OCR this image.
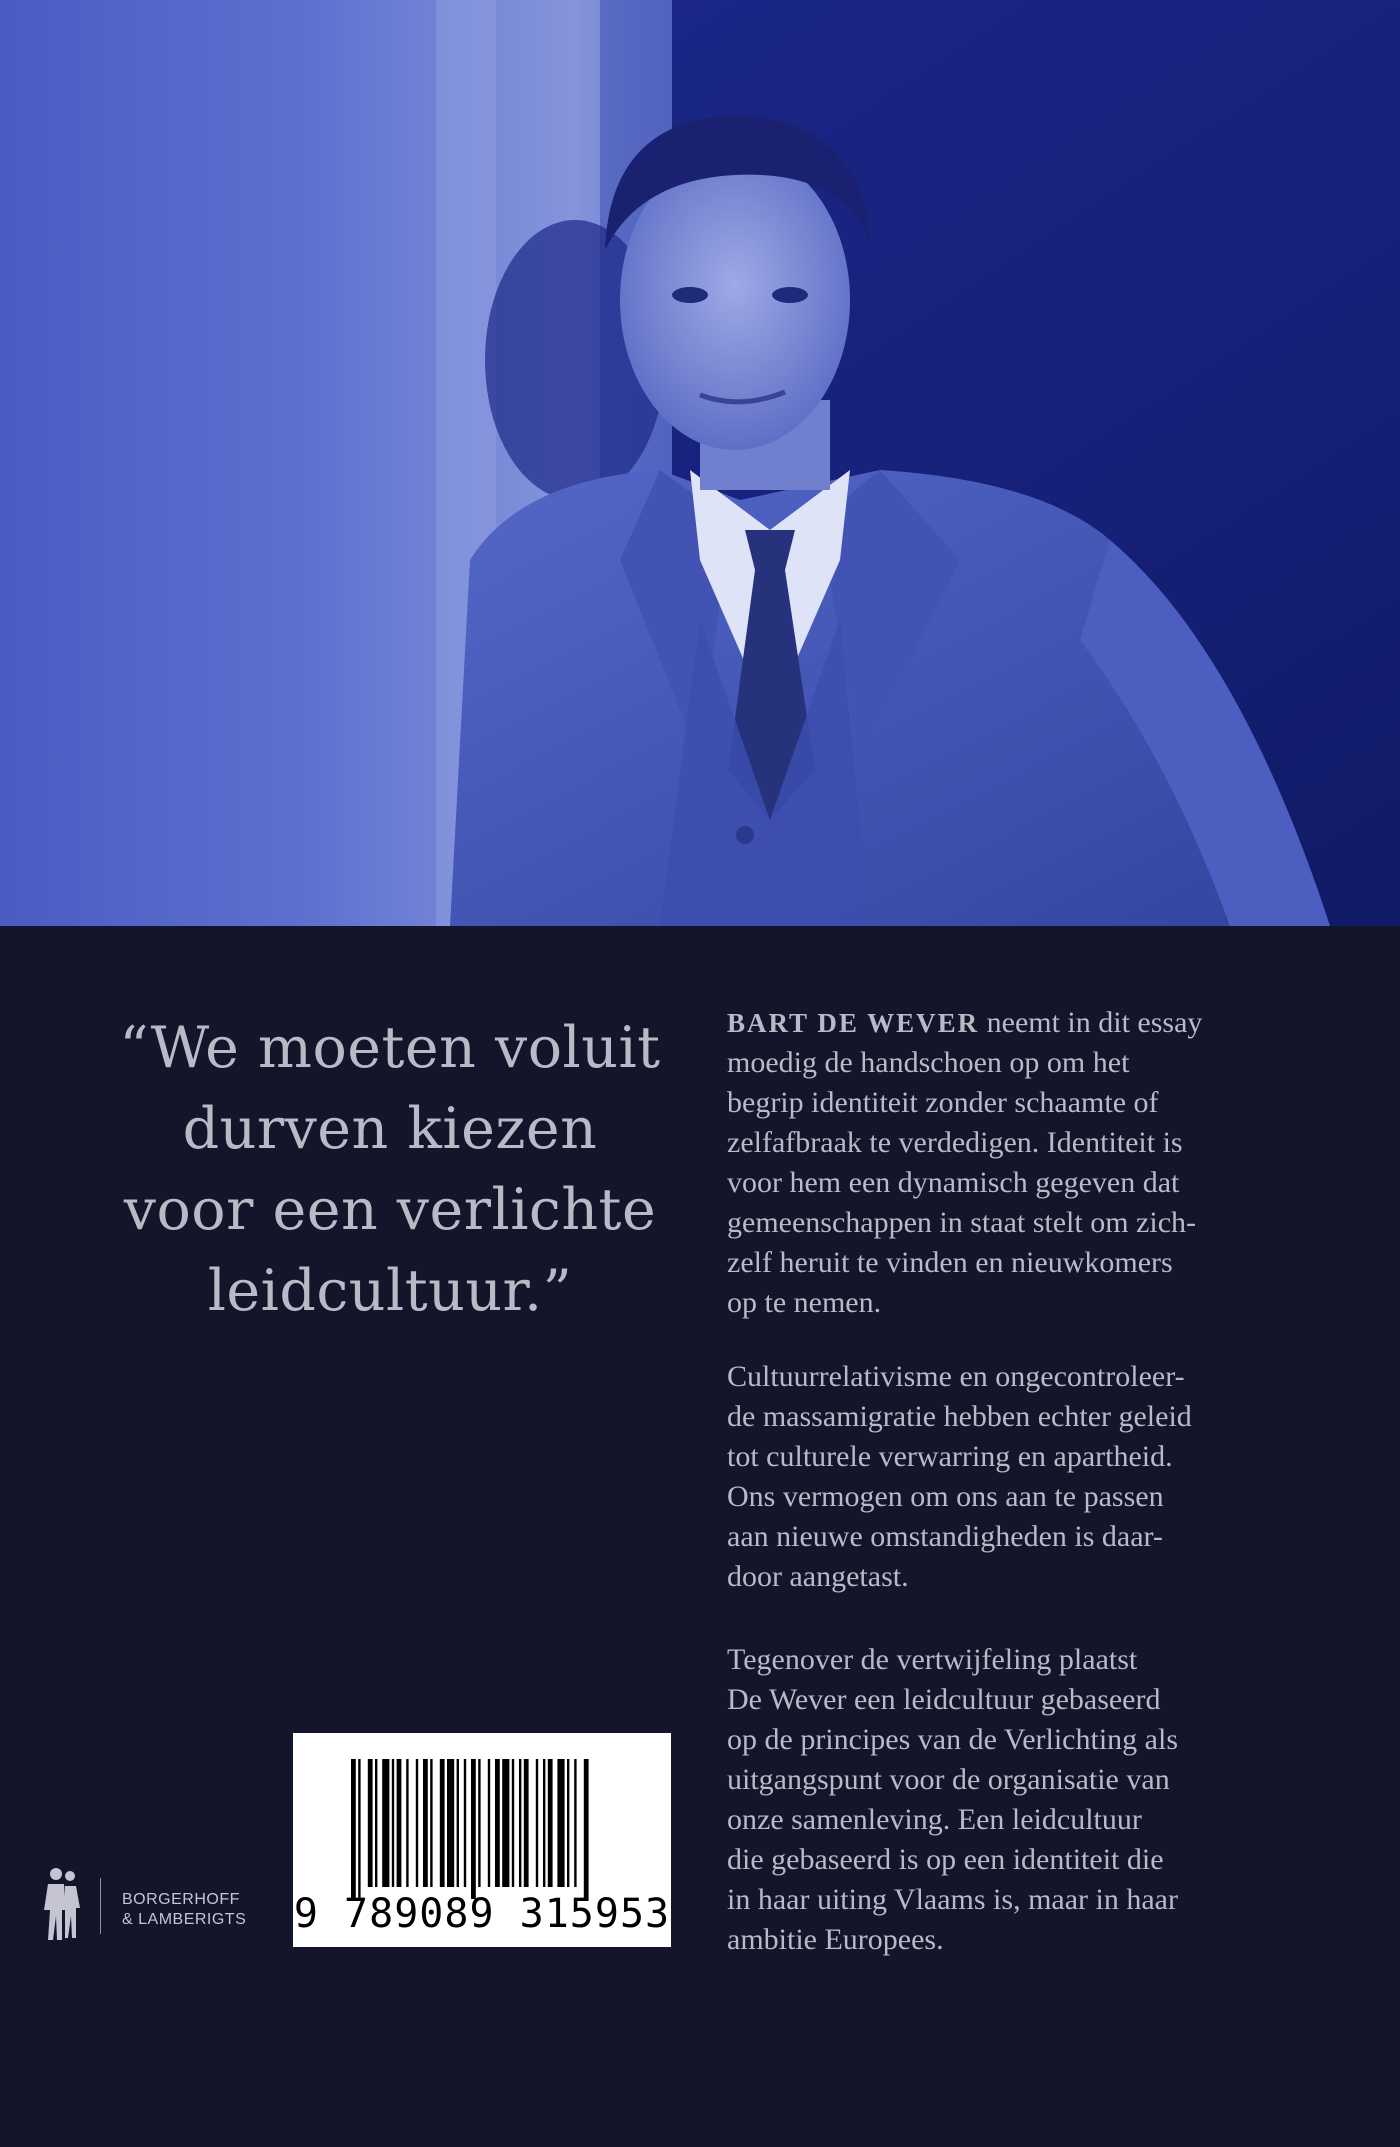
“We moeten voluit
durven kiezen
voor een verlichte
leidcultuur.”

BART DE WEVER neemt in dit essay
moedig de handschoen op om het
begrip identiteit zonder schaamte of
zelfafbraak te verdedigen. Identiteit is
voor hem een dynamisch gegeven dat
gemeenschappen in staat stelt om zich-
zelf heruit te vinden en nieuwkomers
op te nemen.

Cultuurrelativisme en ongecontroleer-
de massamigratie hebben echter geleid
tot culturele verwarring en apartheid.
Ons vermogen om ons aan te passen
aan nieuwe omstandigheden is daar-
door aangetast.

Tegenover de vertwijfeling plaatst
De Wever een leidcultuur gebaseerd
op de principes van de Verlichting als
uitgangspunt voor de organisatie van
onze samenleving. Een leidcultuur
die gebaseerd is op een identiteit die
in haar uiting Vlaams is, maar in haar
ambitie Europees.

BORGERHOFF
& LAMBERIGTS 9 789089 315953
